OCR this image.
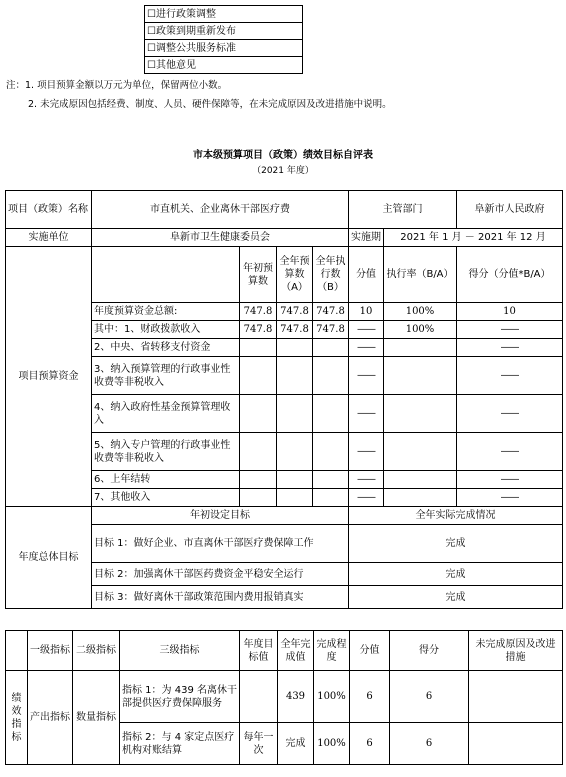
☐进行政策调整
☐政策到期重新发布
☐调整公共服务标准
☐其他意见
注：1. 项目预算金额以万元为单位，保留两位小数。
2. 未完成原因包括经费、制度、人员、硬件保障等，在未完成原因及改进措施中说明。
市本级预算项目（政策）绩效目标自评表
（2021 年度）
项目（政策）名称	市直机关、企业离休干部医疗费				主管部门		阜新市人民政府
实施单位	阜新市卫生健康委员会				实施期	2021 年 1 月 － 2021 年 12 月	
项目预算资金		年初预算数	全年预算数（A）	全年执行数（B）	分值	执行率（B/A）	得分（分值*B/A）
	年度预算资金总额:	747.8	747.8	747.8	10	100%	10
	其中：1、财政拨款收入	747.8	747.8	747.8	——	100%	——
	2、中央、省转移支付资金				——		——
	3、纳入预算管理的行政事业性收费等非税收入				——		——
	4、纳入政府性基金预算管理收入				——		——
	5、纳入专户管理的行政事业性收费等非税收入				——		——
	6、上年结转				——		——
	7、其他收入				——		——
年度总体目标	年初设定目标				全年实际完成情况		
	目标 1：做好企业、市直离休干部医疗费保障工作				完成		
	目标 2：加强离休干部医药费资金平稳安全运行				完成		
	目标 3：做好离休干部政策范围内费用报销真实				完成		
	一级指标	二级指标	三级指标	年度目标值	全年完成值	完成程度	分值	得分	未完成原因及改进措施
绩效指标	产出指标	数量指标	指标 1：为 439 名离休干部提供医疗费保障服务		439	100%	6	6	
			指标 2：与 4 家定点医疗机构对账结算	每年一次	完成	100%	6	6	
